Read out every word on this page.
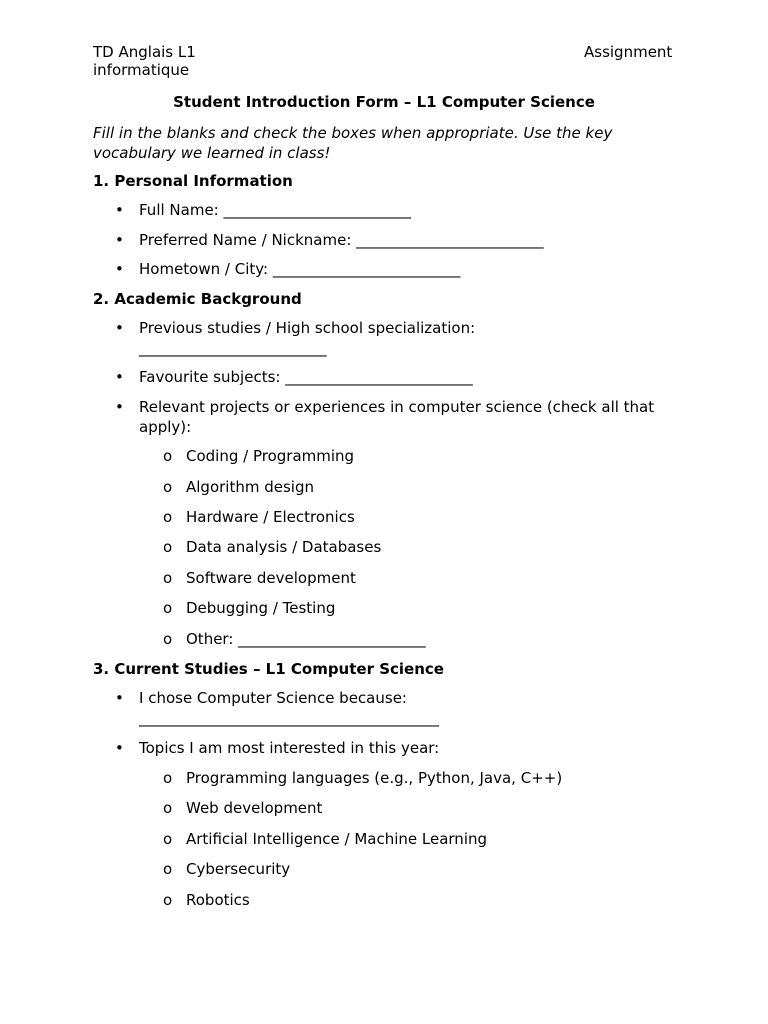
TD Anglais L1
informatique
Assignment
Student Introduction Form – L1 Computer Science
Fill in the blanks and check the boxes when appropriate. Use the key
vocabulary we learned in class!
1. Personal Information
• Full Name: _________________________
• Preferred Name / Nickname: _________________________
• Hometown / City: _________________________
2. Academic Background
• Previous studies / High school specialization:
_________________________
• Favourite subjects: _________________________
• Relevant projects or experiences in computer science (check all that
apply):
o Coding / Programming
o Algorithm design
o Hardware / Electronics
o Data analysis / Databases
o Software development
o Debugging / Testing
o Other: _________________________
3. Current Studies – L1 Computer Science
• I chose Computer Science because:
________________________________________
• Topics I am most interested in this year:
o Programming languages (e.g., Python, Java, C++)
o Web development
o Artificial Intelligence / Machine Learning
o Cybersecurity
o Robotics
